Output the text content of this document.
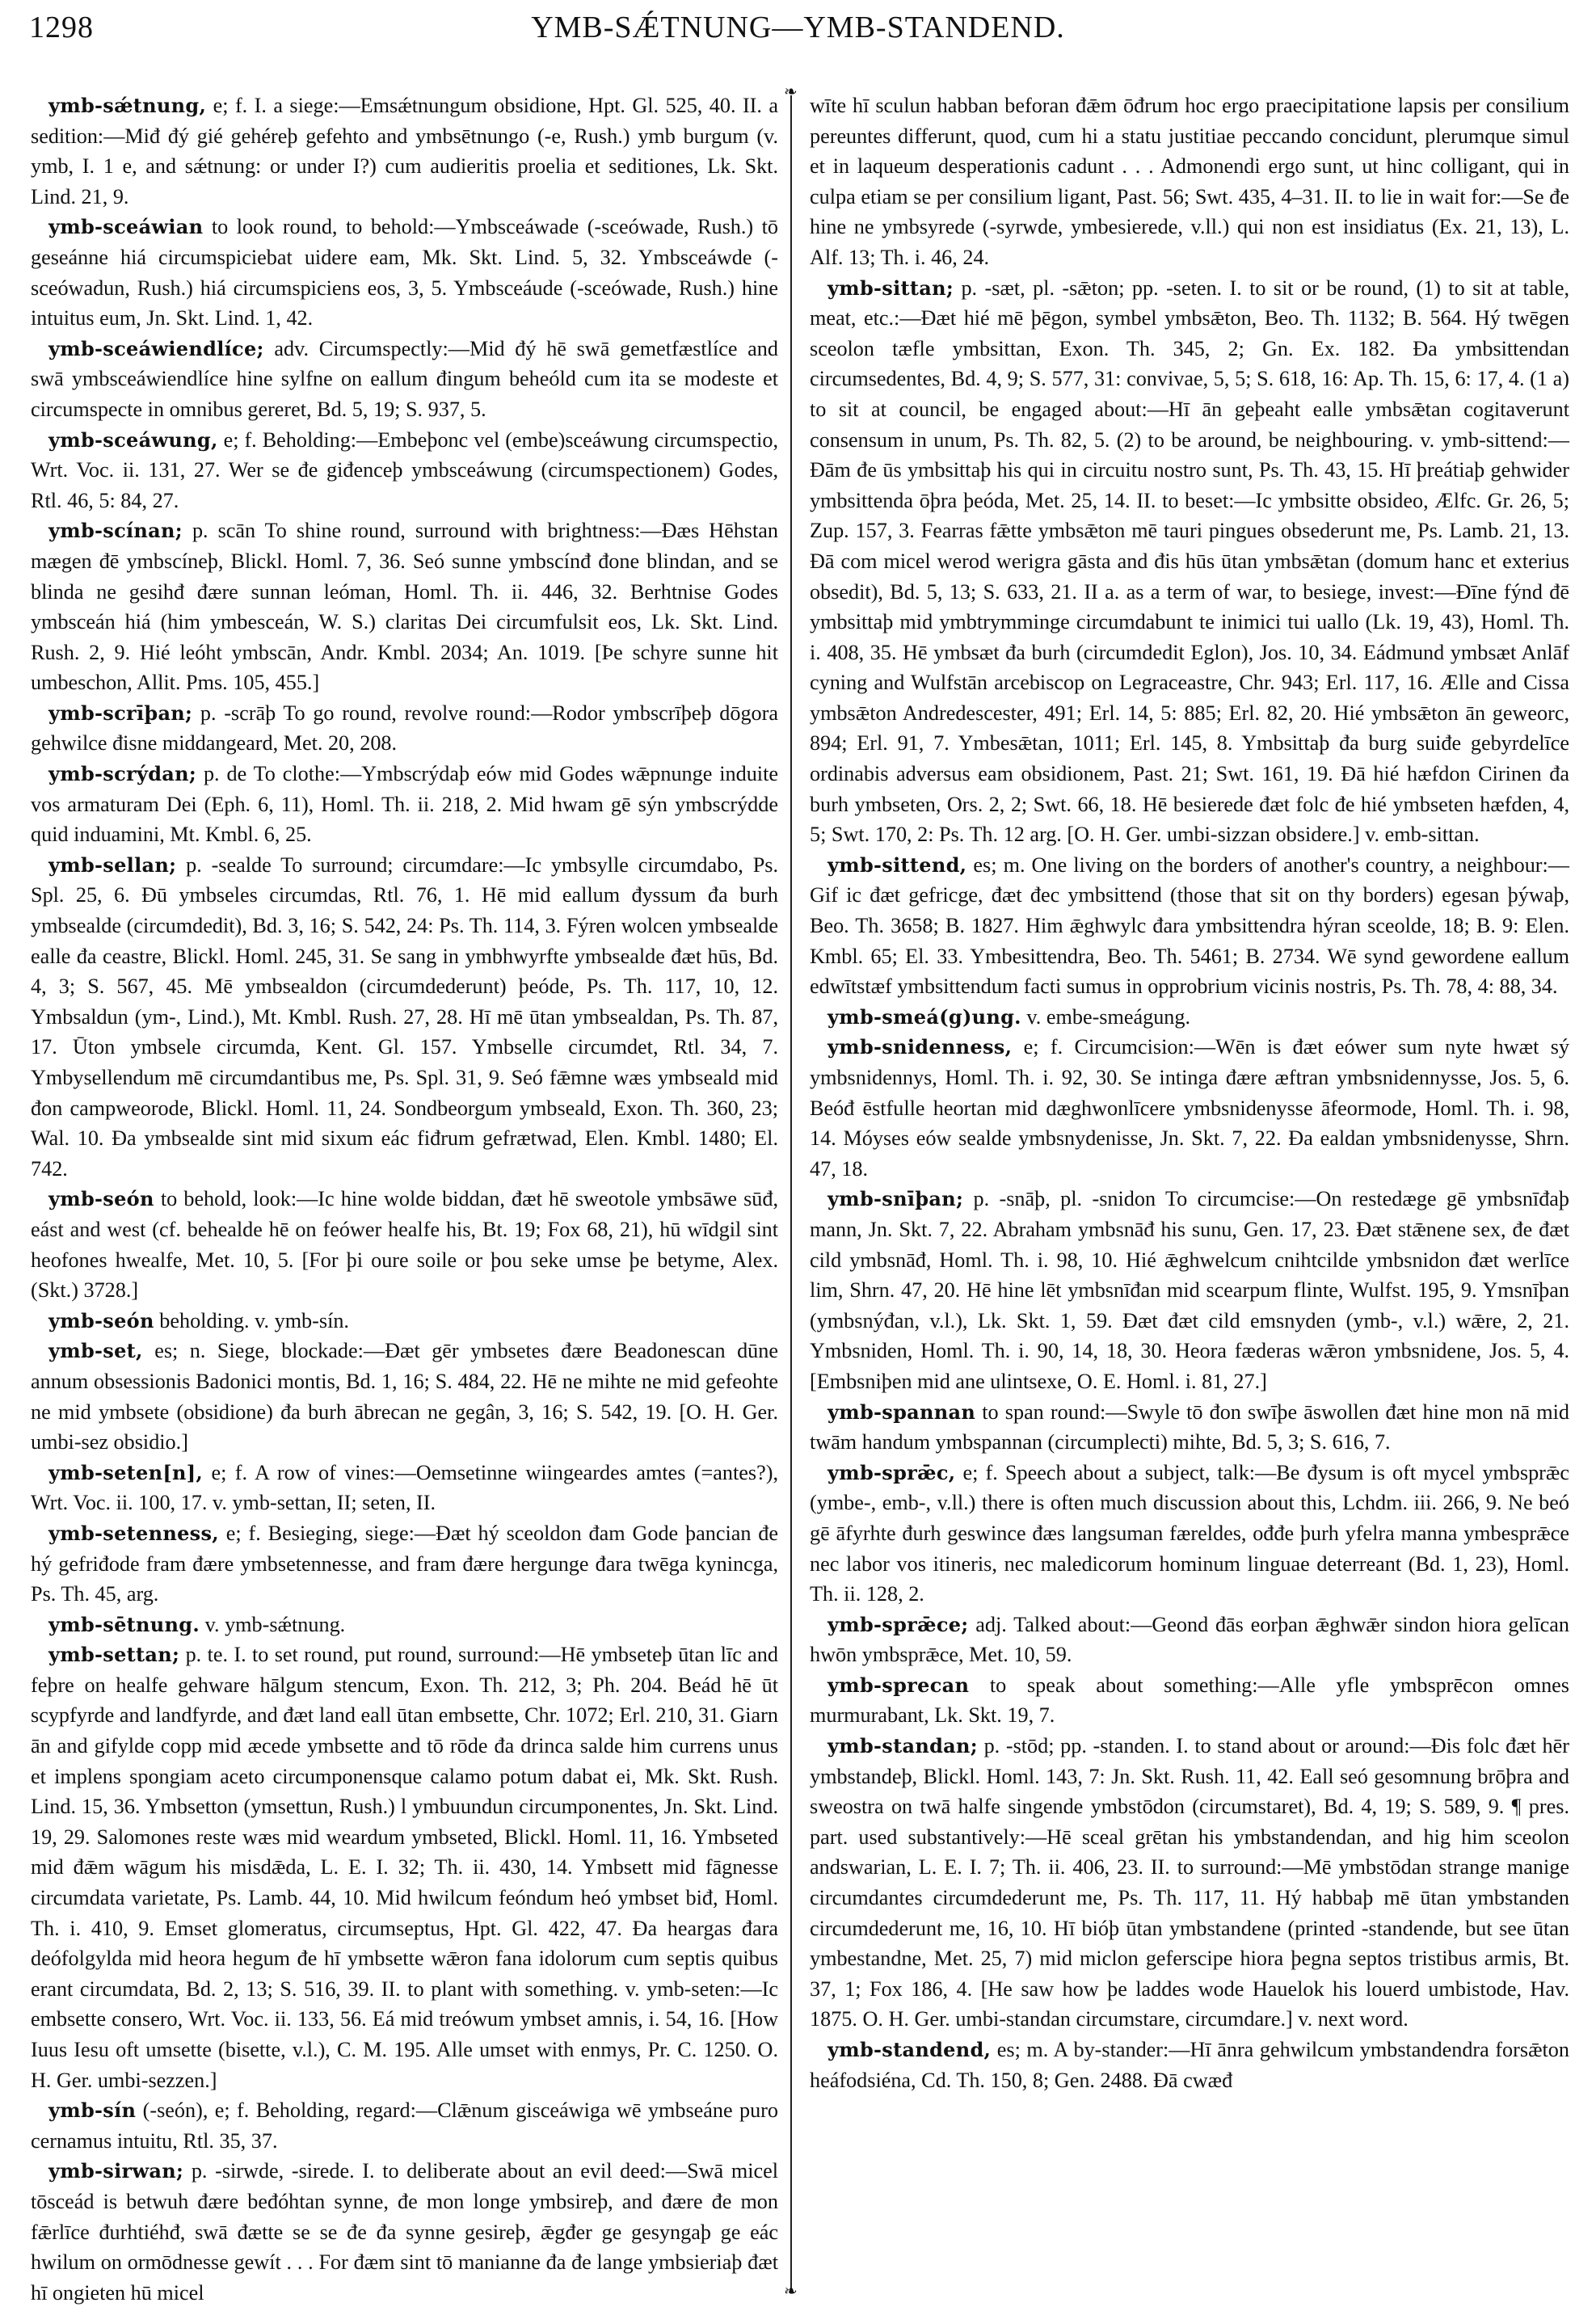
1298	YMB-SǼTNUNG—YMB-STANDEND.
❧
❧

ymb-sǽtnung, e; f. I. a siege:—Emsǽtnungum obsidione, Hpt. Gl. 525, 40. II. a sedition:—Miđ đý gié gehéreþ gefehto and ymbsētnungo (-e, Rush.) ymb burgum (v. ymb, I. 1 e, and sǽtnung: or under I?) cum audieritis proelia et seditiones, Lk. Skt. Lind. 21, 9.

ymb-sceáwian to look round, to behold:—Ymbsceáwade (-sceówade, Rush.) tō geseánne hiá circumspiciebat uidere eam, Mk. Skt. Lind. 5, 32. Ymbsceáwde (-sceówadun, Rush.) hiá circumspiciens eos, 3, 5. Ymbsceáude (-sceówade, Rush.) hine intuitus eum, Jn. Skt. Lind. 1, 42.

ymb-sceáwiendlíce; adv. Circumspectly:—Mid đý hē swā gemetfæstlíce and swā ymbsceáwiendlíce hine sylfne on eallum đingum beheóld cum ita se modeste et circumspecte in omnibus gereret, Bd. 5, 19; S. 937, 5.

ymb-sceáwung, e; f. Beholding:—Embeþonc vel (embe)sceáwung circumspectio, Wrt. Voc. ii. 131, 27. Wer se đe giđenceþ ymbsceáwung (circumspectionem) Godes, Rtl. 46, 5: 84, 27.

ymb-scínan; p. scān To shine round, surround with brightness:—Đæs Hēhstan mægen đē ymbscíneþ, Blickl. Homl. 7, 36. Seó sunne ymbscínđ đone blindan, and se blinda ne gesihđ đære sunnan leóman, Homl. Th. ii. 446, 32. Berhtnise Godes ymbsceán hiá (him ymbesceán, W. S.) claritas Dei circumfulsit eos, Lk. Skt. Lind. Rush. 2, 9. Hié leóht ymbscān, Andr. Kmbl. 2034; An. 1019. [Þe schyre sunne hit umbeschon, Allit. Pms. 105, 455.]

ymb-scrīþan; p. -scrāþ To go round, revolve round:—Rodor ymbscrīþeþ dōgora gehwilce đisne middangeard, Met. 20, 208.

ymb-scrýdan; p. de To clothe:—Ymbscrýdaþ eów mid Godes wǣpnunge induite vos armaturam Dei (Eph. 6, 11), Homl. Th. ii. 218, 2. Mid hwam gē sýn ymbscrýdde quid induamini, Mt. Kmbl. 6, 25.

ymb-sellan; p. -sealde To surround; circumdare:—Ic ymbsylle circumdabo, Ps. Spl. 25, 6. Đū ymbseles circumdas, Rtl. 76, 1. Hē mid eallum đyssum đa burh ymbsealde (circumdedit), Bd. 3, 16; S. 542, 24: Ps. Th. 114, 3. Fýren wolcen ymbsealde ealle đa ceastre, Blickl. Homl. 245, 31. Se sang in ymbhwyrfte ymbsealde đæt hūs, Bd. 4, 3; S. 567, 45. Mē ymbsealdon (circumdederunt) þeóde, Ps. Th. 117, 10, 12. Ymbsaldun (ym-, Lind.), Mt. Kmbl. Rush. 27, 28. Hī mē ūtan ymbsealdan, Ps. Th. 87, 17. Ūton ymbsele circumda, Kent. Gl. 157. Ymbselle circumdet, Rtl. 34, 7. Ymbysellendum mē circumdantibus me, Ps. Spl. 31, 9. Seó fǣmne wæs ymbseald mid đon campweorode, Blickl. Homl. 11, 24. Sondbeorgum ymbseald, Exon. Th. 360, 23; Wal. 10. Đa ymbsealde sint mid sixum eác fiđrum gefrætwad, Elen. Kmbl. 1480; El. 742.

ymb-seón to behold, look:—Ic hine wolde biddan, đæt hē sweotole ymbsāwe sūđ, eást and west (cf. behealde hē on feówer healfe his, Bt. 19; Fox 68, 21), hū wīdgil sint heofones hwealfe, Met. 10, 5. [For þi oure soile or þou seke umse þe betyme, Alex. (Skt.) 3728.]

ymb-seón beholding. v. ymb-sín.

ymb-set, es; n. Siege, blockade:—Đæt gēr ymbsetes đære Beadonescan dūne annum obsessionis Badonici montis, Bd. 1, 16; S. 484, 22. Hē ne mihte ne mid gefeohte ne mid ymbsete (obsidione) đa burh ābrecan ne gegân, 3, 16; S. 542, 19. [O. H. Ger. umbi-sez obsidio.]

ymb-seten[n], e; f. A row of vines:—Oemsetinne wiingeardes amtes (=antes?), Wrt. Voc. ii. 100, 17. v. ymb-settan, II; seten, II.

ymb-setenness, e; f. Besieging, siege:—Đæt hý sceoldon đam Gode þancian đe hý gefriđode fram đære ymbsetennesse, and fram đære hergunge đara twēga kynincga, Ps. Th. 45, arg.

ymb-sētnung. v. ymb-sǽtnung.

ymb-settan; p. te. I. to set round, put round, surround:—Hē ymbseteþ ūtan līc and feþre on healfe gehware hālgum stencum, Exon. Th. 212, 3; Ph. 204. Beád hē ūt scypfyrde and landfyrde, and đæt land eall ūtan embsette, Chr. 1072; Erl. 210, 31. Giarn ān and gifylde copp mid æcede ymbsette and tō rōde đa drinca salde him currens unus et implens spongiam aceto circumponensque calamo potum dabat ei, Mk. Skt. Rush. Lind. 15, 36. Ymbsetton (ymsettun, Rush.) l ymbuundun circumponentes, Jn. Skt. Lind. 19, 29. Salomones reste wæs mid weardum ymbseted, Blickl. Homl. 11, 16. Ymbseted mid đǣm wāgum his misdǣda, L. E. I. 32; Th. ii. 430, 14. Ymbsett mid fāgnesse circumdata varietate, Ps. Lamb. 44, 10. Mid hwilcum feóndum heó ymbset biđ, Homl. Th. i. 410, 9. Emset glomeratus, circumseptus, Hpt. Gl. 422, 47. Đa heargas đara deófolgylda mid heora hegum đe hī ymbsette wǣron fana idolorum cum septis quibus erant circumdata, Bd. 2, 13; S. 516, 39. II. to plant with something. v. ymb-seten:—Ic embsette consero, Wrt. Voc. ii. 133, 56. Eá mid treówum ymbset amnis, i. 54, 16. [How Iuus Iesu oft umsette (bisette, v.l.), C. M. 195. Alle umset with enmys, Pr. C. 1250. O. H. Ger. umbi-sezzen.]

ymb-sín (-seón), e; f. Beholding, regard:—Clǣnum gisceáwiga wē ymbseáne puro cernamus intuitu, Rtl. 35, 37.

ymb-sirwan; p. -sirwde, -sirede. I. to deliberate about an evil deed:—Swā micel tōsceád is betwuh đære beđóhtan synne, đe mon longe ymbsireþ, and đære đe mon fǣrlīce đurhtiéhđ, swā đætte se se đe đa synne gesireþ, ǣgđer ge gesyngaþ ge eác hwilum on ormōdnesse gewít . . . For đæm sint tō manianne đa đe lange ymbsieriaþ đæt hī ongieten hū micel

wīte hī sculun habban beforan đǣm ōđrum hoc ergo praecipitatione lapsis per consilium pereuntes differunt, quod, cum hi a statu justitiae peccando concidunt, plerumque simul et in laqueum desperationis cadunt . . . Admonendi ergo sunt, ut hinc colligant, qui in culpa etiam se per consilium ligant, Past. 56; Swt. 435, 4–31. II. to lie in wait for:—Se đe hine ne ymbsyrede (-syrwde, ymbesierede, v.ll.) qui non est insidiatus (Ex. 21, 13), L. Alf. 13; Th. i. 46, 24.

ymb-sittan; p. -sæt, pl. -sǣton; pp. -seten. I. to sit or be round, (1) to sit at table, meat, etc.:—Đæt hié mē þēgon, symbel ymbsǣton, Beo. Th. 1132; B. 564. Hý twēgen sceolon tæfle ymbsittan, Exon. Th. 345, 2; Gn. Ex. 182. Đa ymbsittendan circumsedentes, Bd. 4, 9; S. 577, 31: convivae, 5, 5; S. 618, 16: Ap. Th. 15, 6: 17, 4. (1 a) to sit at council, be engaged about:—Hī ān geþeaht ealle ymbsǣtan cogitaverunt consensum in unum, Ps. Th. 82, 5. (2) to be around, be neighbouring. v. ymb-sittend:—Đām đe ūs ymbsittaþ his qui in circuitu nostro sunt, Ps. Th. 43, 15. Hī þreátiaþ gehwider ymbsittenda ōþra þeóda, Met. 25, 14. II. to beset:—Ic ymbsitte obsideo, Ælfc. Gr. 26, 5; Zup. 157, 3. Fearras fǣtte ymbsǣton mē tauri pingues obsederunt me, Ps. Lamb. 21, 13. Đā com micel werod werigra gāsta and đis hūs ūtan ymbsǣtan (domum hanc et exterius obsedit), Bd. 5, 13; S. 633, 21. II a. as a term of war, to besiege, invest:—Đīne fýnd đē ymbsittaþ mid ymbtrymminge circumdabunt te inimici tui uallo (Lk. 19, 43), Homl. Th. i. 408, 35. Hē ymbsæt đa burh (circumdedit Eglon), Jos. 10, 34. Eádmund ymbsæt Anlāf cyning and Wulfstān arcebiscop on Legraceastre, Chr. 943; Erl. 117, 16. Ælle and Cissa ymbsǣton Andredescester, 491; Erl. 14, 5: 885; Erl. 82, 20. Hié ymbsǣton ān geweorc, 894; Erl. 91, 7. Ymbesǣtan, 1011; Erl. 145, 8. Ymbsittaþ đa burg suiđe gebyrdelīce ordinabis adversus eam obsidionem, Past. 21; Swt. 161, 19. Đā hié hæfdon Cirinen đa burh ymbseten, Ors. 2, 2; Swt. 66, 18. Hē besierede đæt folc đe hié ymbseten hæfden, 4, 5; Swt. 170, 2: Ps. Th. 12 arg. [O. H. Ger. umbi-sizzan obsidere.] v. emb-sittan.

ymb-sittend, es; m. One living on the borders of another's country, a neighbour:—Gif ic đæt gefricge, đæt đec ymbsittend (those that sit on thy borders) egesan þýwaþ, Beo. Th. 3658; B. 1827. Him ǣghwylc đara ymbsittendra hýran sceolde, 18; B. 9: Elen. Kmbl. 65; El. 33. Ymbesittendra, Beo. Th. 5461; B. 2734. Wē synd gewordene eallum edwītstæf ymbsittendum facti sumus in opprobrium vicinis nostris, Ps. Th. 78, 4: 88, 34.

ymb-smeá(g)ung. v. embe-smeágung.

ymb-snidenness, e; f. Circumcision:—Wēn is đæt eówer sum nyte hwæt sý ymbsnidennys, Homl. Th. i. 92, 30. Se intinga đære æftran ymbsnidennysse, Jos. 5, 6. Beóđ ēstfulle heortan mid dæghwonlīcere ymbsnidenysse āfeormode, Homl. Th. i. 98, 14. Móyses eów sealde ymbsnydenisse, Jn. Skt. 7, 22. Đa ealdan ymbsnidenysse, Shrn. 47, 18.

ymb-snīþan; p. -snāþ, pl. -snidon To circumcise:—On restedæge gē ymbsnīđaþ mann, Jn. Skt. 7, 22. Abraham ymbsnāđ his sunu, Gen. 17, 23. Đæt stǣnene sex, đe đæt cild ymbsnāđ, Homl. Th. i. 98, 10. Hié ǣghwelcum cnihtcilde ymbsnidon đæt werlīce lim, Shrn. 47, 20. Hē hine lēt ymbsnīđan mid scearpum flinte, Wulfst. 195, 9. Ymsnīþan (ymbsnýđan, v.l.), Lk. Skt. 1, 59. Đæt đæt cild emsnyden (ymb-, v.l.) wǣre, 2, 21. Ymbsniden, Homl. Th. i. 90, 14, 18, 30. Heora fæderas wǣron ymbsnidene, Jos. 5, 4. [Embsniþen mid ane ulintsexe, O. E. Homl. i. 81, 27.]

ymb-spannan to span round:—Swyle tō đon swīþe āswollen đæt hine mon nā mid twām handum ymbspannan (circumplecti) mihte, Bd. 5, 3; S. 616, 7.

ymb-sprǣc, e; f. Speech about a subject, talk:—Be đysum is oft mycel ymbsprǣc (ymbe-, emb-, v.ll.) there is often much discussion about this, Lchdm. iii. 266, 9. Ne beó gē āfyrhte đurh geswince đæs langsuman færeldes, ođđe þurh yfelra manna ymbesprǣce nec labor vos itineris, nec maledicorum hominum linguae deterreant (Bd. 1, 23), Homl. Th. ii. 128, 2.

ymb-sprǣce; adj. Talked about:—Geond đās eorþan ǣghwǣr sindon hiora gelīcan hwōn ymbsprǣce, Met. 10, 59.

ymb-sprecan to speak about something:—Alle yfle ymbsprēcon omnes murmurabant, Lk. Skt. 19, 7.

ymb-standan; p. -stōd; pp. -standen. I. to stand about or around:—Đis folc đæt hēr ymbstandeþ, Blickl. Homl. 143, 7: Jn. Skt. Rush. 11, 42. Eall seó gesomnung brōþra and sweostra on twā halfe singende ymbstōdon (circumstaret), Bd. 4, 19; S. 589, 9. ¶ pres. part. used substantively:—Hē sceal grētan his ymbstandendan, and hig him sceolon andswarian, L. E. I. 7; Th. ii. 406, 23. II. to surround:—Mē ymbstōdan strange manige circumdantes circumdederunt me, Ps. Th. 117, 11. Hý habbaþ mē ūtan ymbstanden circumdederunt me, 16, 10. Hī bióþ ūtan ymbstandene (printed -standende, but see ūtan ymbestandne, Met. 25, 7) mid miclon geferscipe hiora þegna septos tristibus armis, Bt. 37, 1; Fox 186, 4. [He saw how þe laddes wode Hauelok his louerd umbistode, Hav. 1875. O. H. Ger. umbi-standan circumstare, circumdare.] v. next word.

ymb-standend, es; m. A by-stander:—Hī ānra gehwilcum ymbstandendra forsǣton heáfodsiéna, Cd. Th. 150, 8; Gen. 2488. Đā cwæđ
